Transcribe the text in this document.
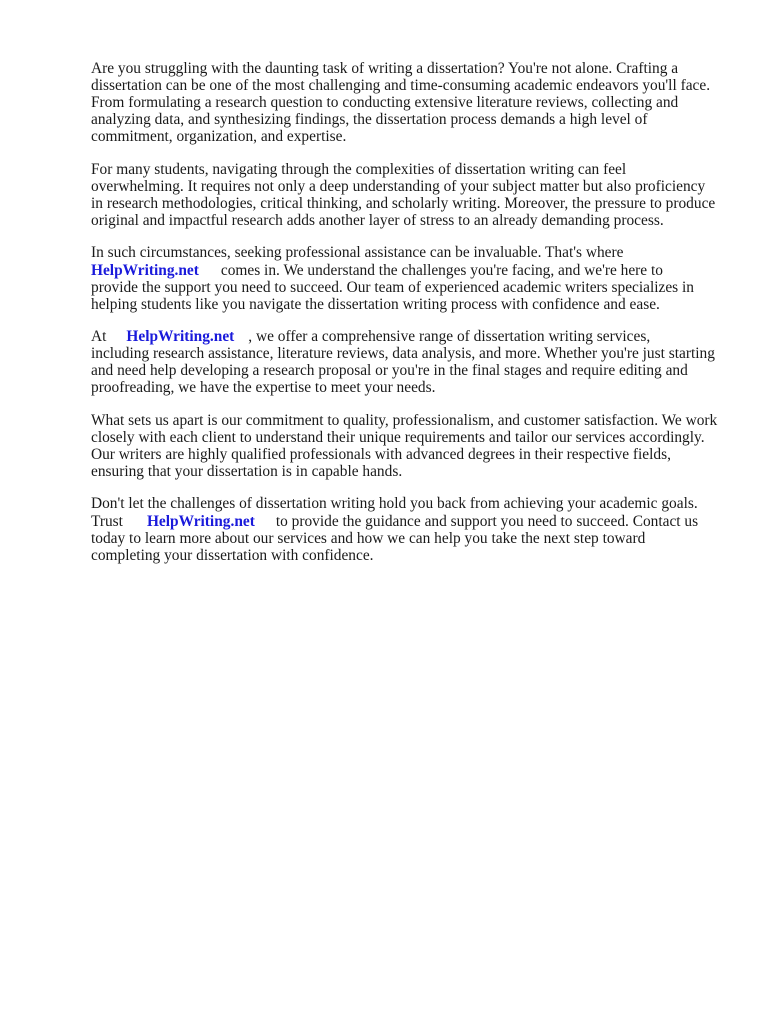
Are you struggling with the daunting task of writing a dissertation? You're not alone. Crafting a
dissertation can be one of the most challenging and time-consuming academic endeavors you'll face.
From formulating a research question to conducting extensive literature reviews, collecting and
analyzing data, and synthesizing findings, the dissertation process demands a high level of
commitment, organization, and expertise.

For many students, navigating through the complexities of dissertation writing can feel
overwhelming. It requires not only a deep understanding of your subject matter but also proficiency
in research methodologies, critical thinking, and scholarly writing. Moreover, the pressure to produce
original and impactful research adds another layer of stress to an already demanding process.

In such circumstances, seeking professional assistance can be invaluable. That's where
HelpWriting.net comes in. We understand the challenges you're facing, and we're here to
provide the support you need to succeed. Our team of experienced academic writers specializes in
helping students like you navigate the dissertation writing process with confidence and ease.

At HelpWriting.net , we offer a comprehensive range of dissertation writing services,
including research assistance, literature reviews, data analysis, and more. Whether you're just starting
and need help developing a research proposal or you're in the final stages and require editing and
proofreading, we have the expertise to meet your needs.

What sets us apart is our commitment to quality, professionalism, and customer satisfaction. We work
closely with each client to understand their unique requirements and tailor our services accordingly.
Our writers are highly qualified professionals with advanced degrees in their respective fields,
ensuring that your dissertation is in capable hands.

Don't let the challenges of dissertation writing hold you back from achieving your academic goals.
Trust HelpWriting.net to provide the guidance and support you need to succeed. Contact us
today to learn more about our services and how we can help you take the next step toward
completing your dissertation with confidence.
